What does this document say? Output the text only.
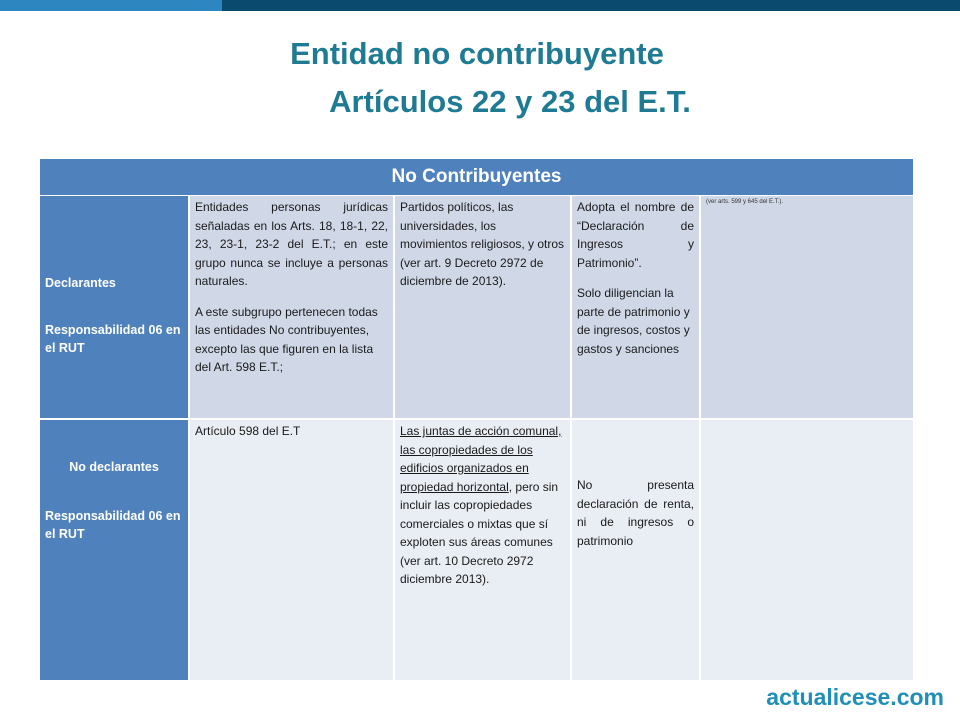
Entidad no contribuyente
Artículos 22 y 23 del E.T.
No Contribuyentes

Declarantes

Responsabilidad 06 en el RUT

Entidades personas jurídicas señaladas en los Arts. 18, 18-1, 22, 23, 23-1, 23-2 del E.T.; en este grupo nunca se incluye a personas naturales.

A este subgrupo pertenecen todas las entidades No contribuyentes, excepto las que figuren en la lista del Art. 598 E.T.;

Partidos políticos, las universidades, los movimientos religiosos, y otros (ver art. 9 Decreto 2972 de diciembre de 2013).

Adopta el nombre de “Declaración de Ingresos y Patrimonio”.

Solo diligencian la parte de patrimonio y de ingresos, costos y gastos y sanciones

(ver arts. 599 y 645 del E.T.).

No declarantes

Responsabilidad 06 en el RUT

Artículo 598 del E.T	Las juntas de acción comunal, las copropiedades de los edificios organizados en propiedad horizontal, pero sin incluir las copropiedades comerciales o mixtas que sí exploten sus áreas comunes (ver art. 10 Decreto 2972 diciembre 2013).

No presenta declaración de renta, ni de ingresos o patrimonio

actualicese.com
